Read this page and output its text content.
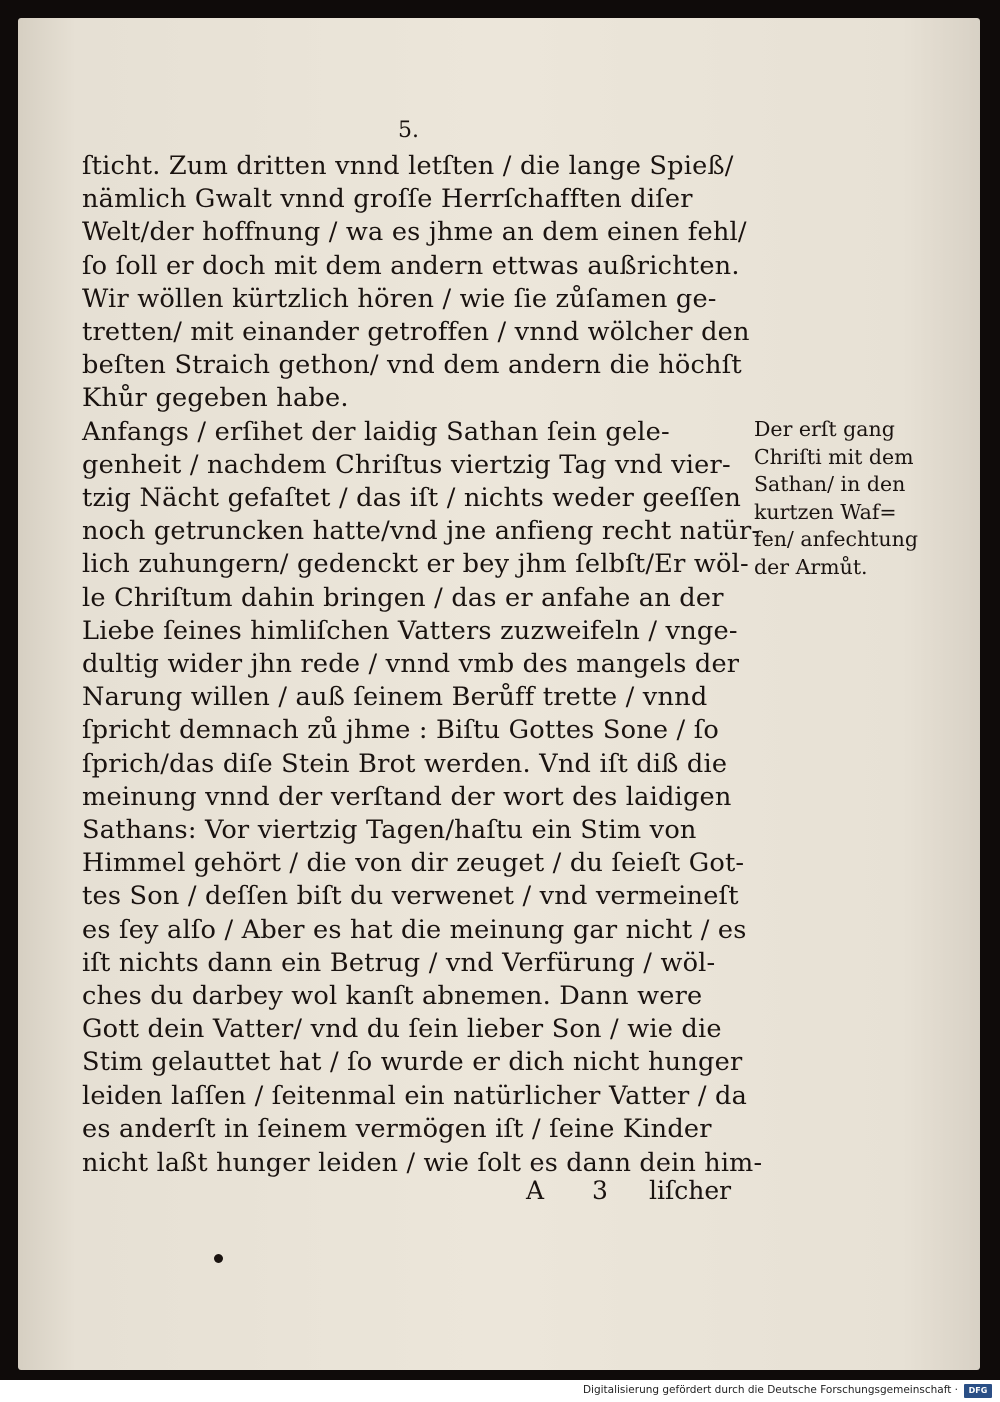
5.
ſticht. Zum dritten vnnd letſten / die lange Spieß/
nämlich Gwalt vnnd groſſe Herrſchafften diſer
Welt/der hoffnung / wa es jhme an dem einen fehl/
ſo ſoll er doch mit dem andern ettwas außrichten.
Wir wöllen kürtzlich hören / wie ſie zůſamen ge-
tretten/ mit einander getroffen / vnnd wölcher den
beſten Straich gethon/ vnd dem andern die höchſt
Khůr gegeben habe.
Anfangs / erſihet der laidig Sathan ſein gele-
genheit / nachdem Chriſtus viertzig Tag vnd vier-
tzig Nächt gefaſtet / das iſt / nichts weder geeſſen
noch getruncken hatte/vnd jne anfieng recht natür-
lich zuhungern/ gedenckt er bey jhm ſelbſt/Er wöl-
le Chriſtum dahin bringen / das er anfahe an der
Liebe ſeines himliſchen Vatters zuzweifeln / vnge-
dultig wider jhn rede / vnnd vmb des mangels der
Narung willen / auß ſeinem Berůff trette / vnnd
ſpricht demnach zů jhme : Biſtu Gottes Sone / ſo
ſprich/das diſe Stein Brot werden. Vnd iſt diß die
meinung vnnd der verſtand der wort des laidigen
Sathans: Vor viertzig Tagen/haſtu ein Stim von
Himmel gehört / die von dir zeuget / du ſeieſt Got-
tes Son / deſſen biſt du verwenet / vnd vermeineſt
es ſey alſo / Aber es hat die meinung gar nicht / es
iſt nichts dann ein Betrug / vnd Verfürung / wöl-
ches du darbey wol kanſt abnemen. Dann were
Gott dein Vatter/ vnd du ſein lieber Son / wie die
Stim gelauttet hat / ſo wurde er dich nicht hunger
leiden laſſen / ſeitenmal ein natürlicher Vatter / da
es anderſt in ſeinem vermögen iſt / ſeine Kinder
nicht laßt hunger leiden / wie ſolt es dann dein him-
Der erſt gang
Chriſti mit dem
Sathan/ in den
kurtzen Waf=
fen/ anfechtung
der Armůt.
A 3 liſcher
Digitalisierung gefördert durch die Deutsche Forschungsgemeinschaft ·	DFG
